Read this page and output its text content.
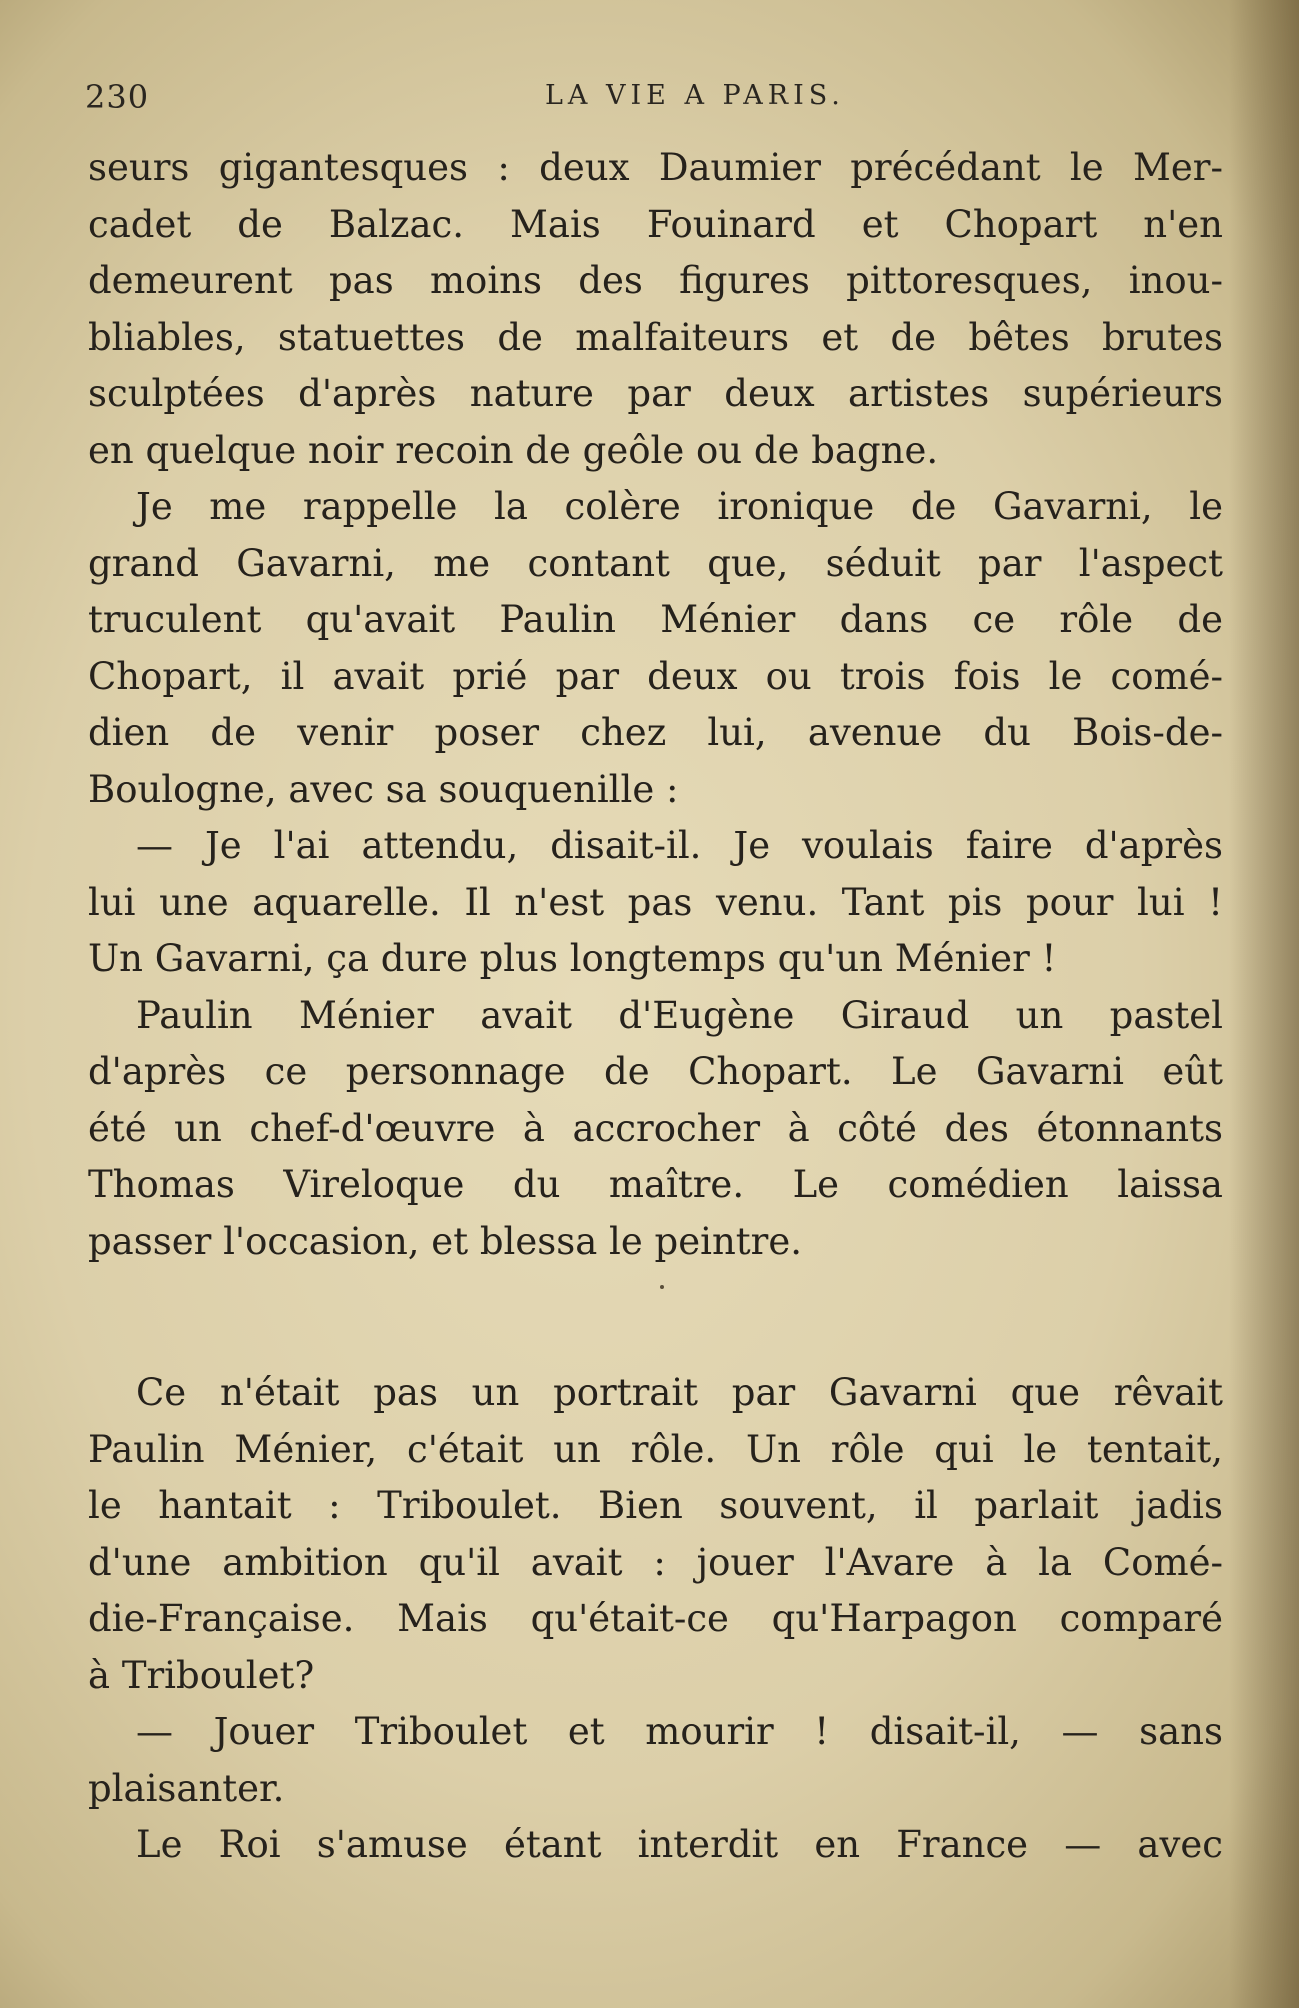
230	LA VIE A PARIS.
seurs gigantesques : deux Daumier précédant le Mer-
cadet de Balzac. Mais Fouinard et Chopart n'en
demeurent pas moins des figures pittoresques, inou-
bliables, statuettes de malfaiteurs et de bêtes brutes
sculptées d'après nature par deux artistes supérieurs
en quelque noir recoin de geôle ou de bagne.
Je me rappelle la colère ironique de Gavarni, le
grand Gavarni, me contant que, séduit par l'aspect
truculent qu'avait Paulin Ménier dans ce rôle de
Chopart, il avait prié par deux ou trois fois le comé-
dien de venir poser chez lui, avenue du Bois-de-
Boulogne, avec sa souquenille :
— Je l'ai attendu, disait-il. Je voulais faire d'après
lui une aquarelle. Il n'est pas venu. Tant pis pour lui !
Un Gavarni, ça dure plus longtemps qu'un Ménier !
Paulin Ménier avait d'Eugène Giraud un pastel
d'après ce personnage de Chopart. Le Gavarni eût
été un chef-d'œuvre à accrocher à côté des étonnants
Thomas Vireloque du maître. Le comédien laissa
passer l'occasion, et blessa le peintre.
Ce n'était pas un portrait par Gavarni que rêvait
Paulin Ménier, c'était un rôle. Un rôle qui le tentait,
le hantait : Triboulet. Bien souvent, il parlait jadis
d'une ambition qu'il avait : jouer l'Avare à la Comé-
die-Française. Mais qu'était-ce qu'Harpagon comparé
à Triboulet?
— Jouer Triboulet et mourir ! disait-il, — sans
plaisanter.
Le Roi s'amuse étant interdit en France — avec
